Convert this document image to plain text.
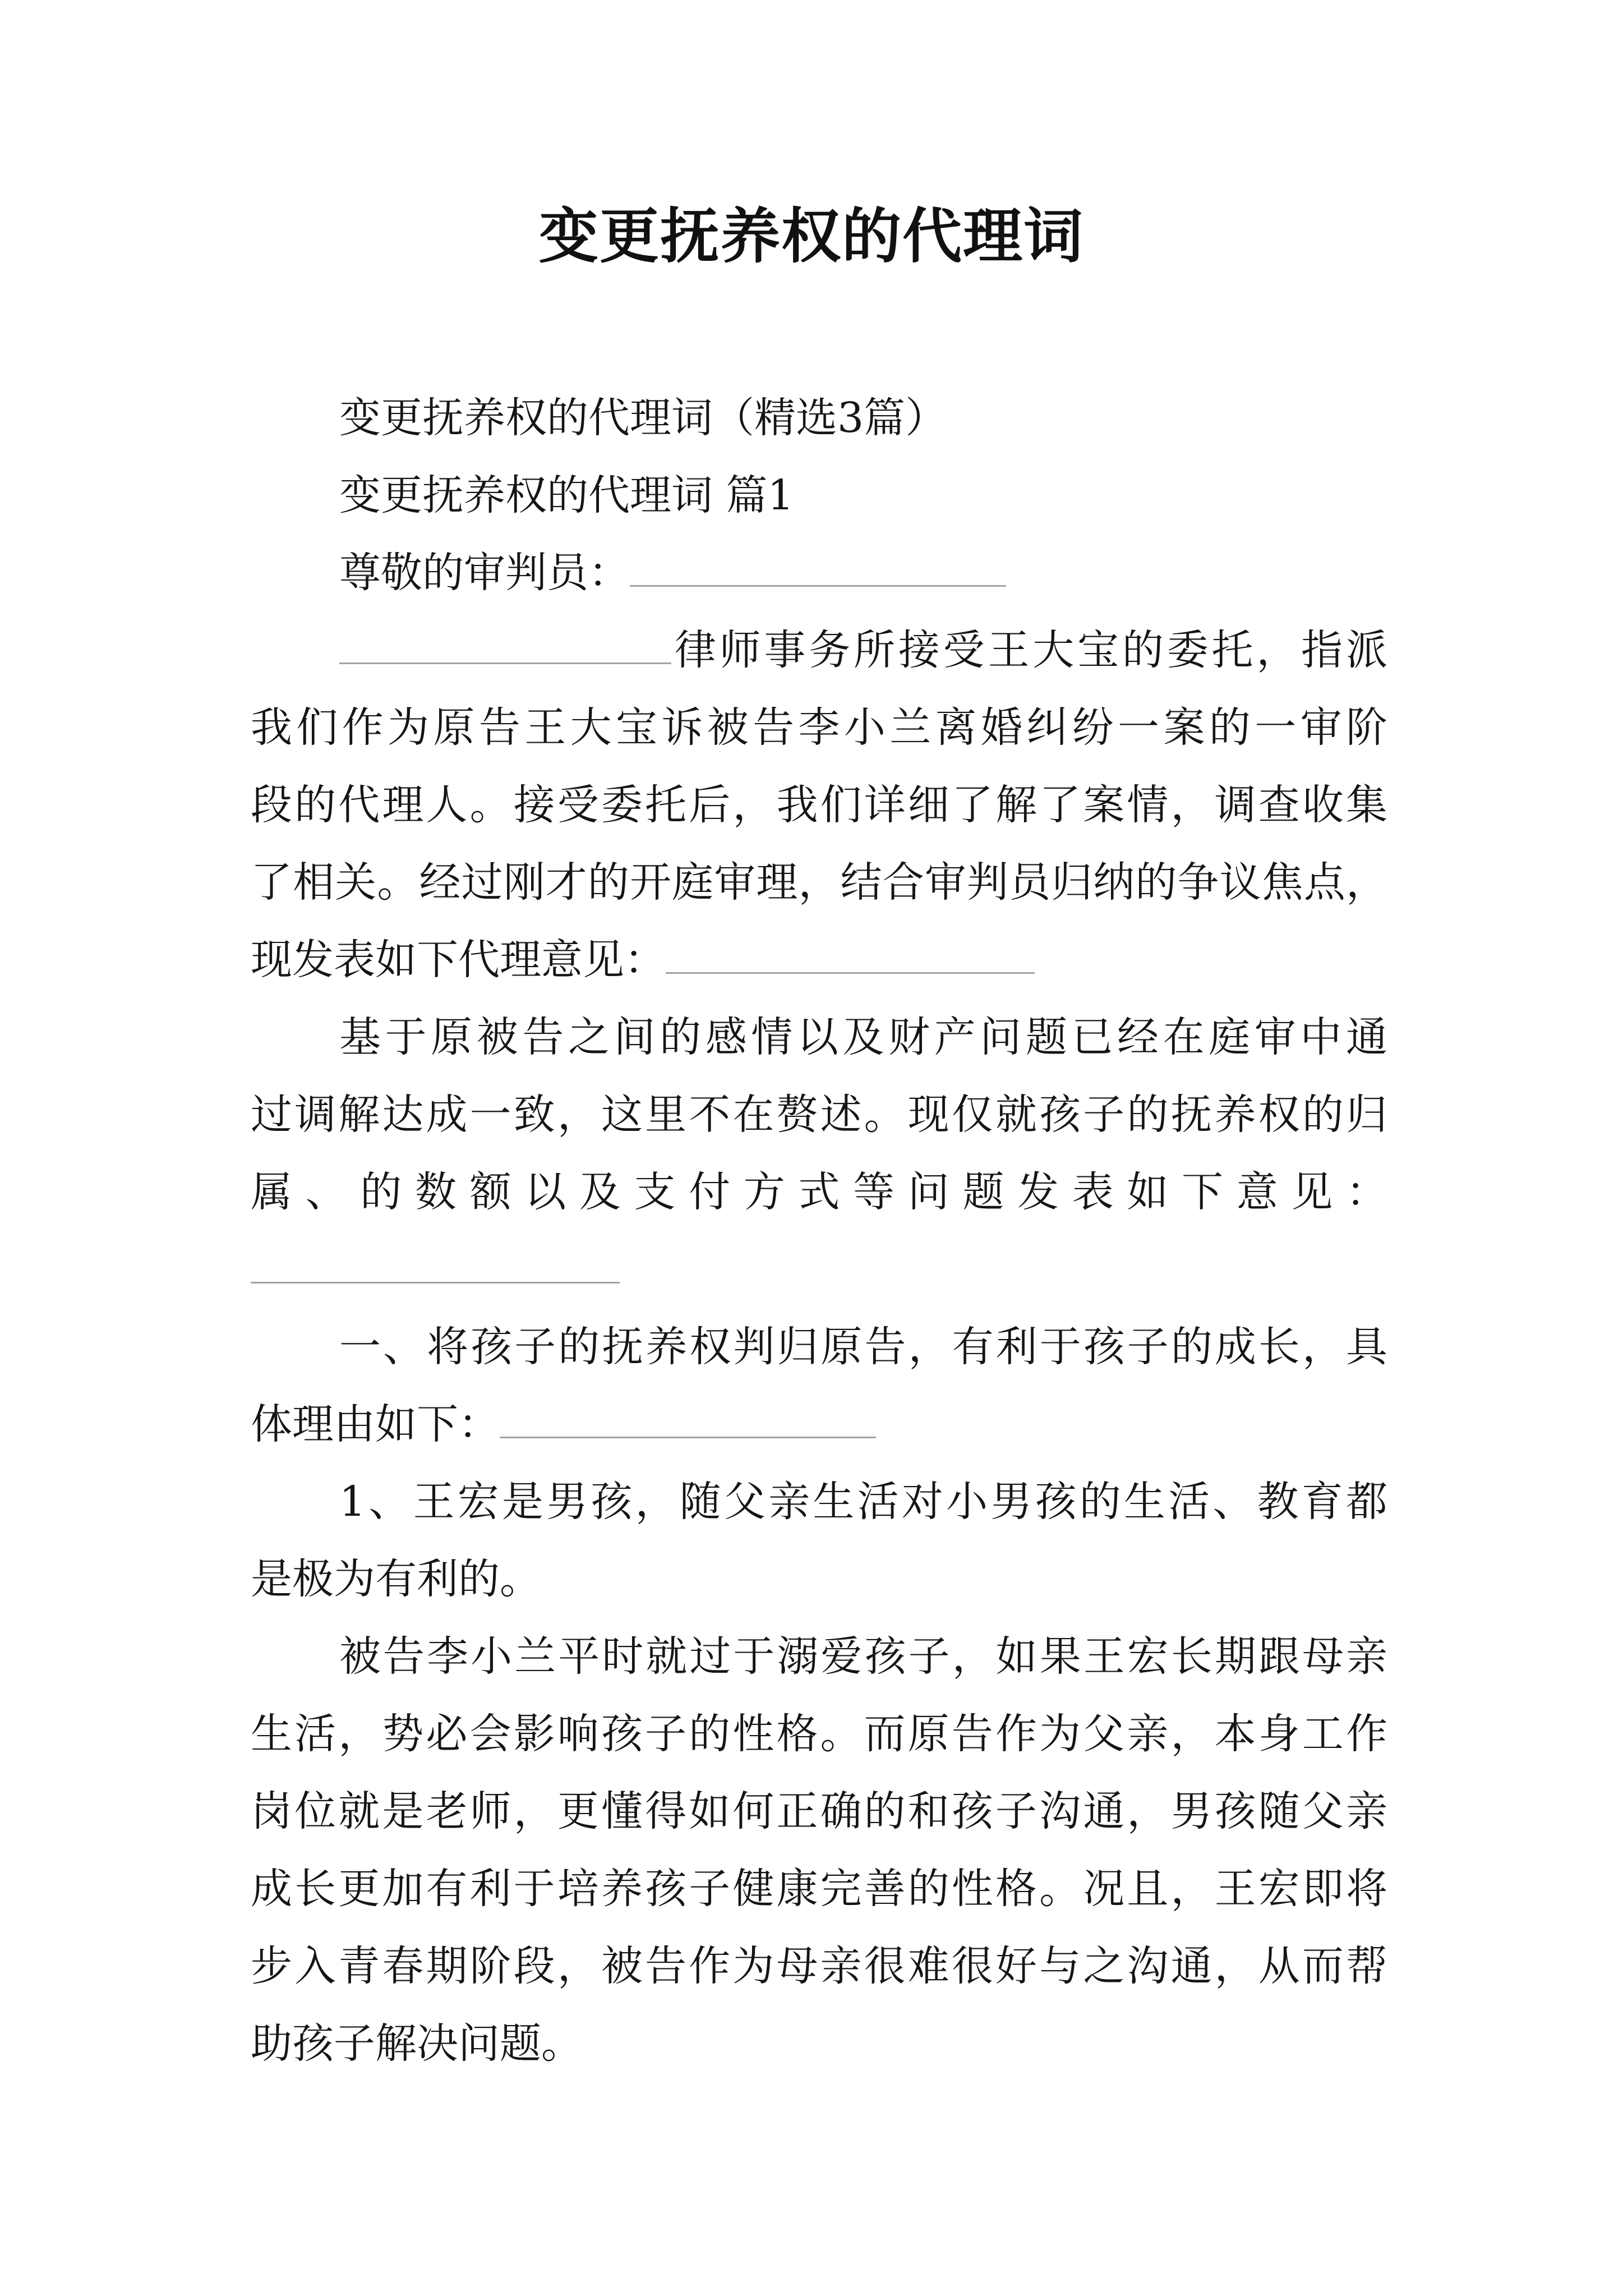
变更抚养权的代理词
变更抚养权的代理词（精选3篇）
变更抚养权的代理词 篇1
尊敬的审判员：
律师事务所接受王大宝的委托，指派
我们作为原告王大宝诉被告李小兰离婚纠纷一案的一审阶
段的代理人。接受委托后，我们详细了解了案情，调查收集
了相关。经过刚才的开庭审理，结合审判员归纳的争议焦点，
现发表如下代理意见：
基于原被告之间的感情以及财产问题已经在庭审中通
过调解达成一致，这里不在赘述。现仅就孩子的抚养权的归
属、的数额以及支付方式等问题发表如下意见：
一、将孩子的抚养权判归原告，有利于孩子的成长，具
体理由如下：
1、王宏是男孩，随父亲生活对小男孩的生活、教育都
是极为有利的。
被告李小兰平时就过于溺爱孩子，如果王宏长期跟母亲
生活，势必会影响孩子的性格。而原告作为父亲，本身工作
岗位就是老师，更懂得如何正确的和孩子沟通，男孩随父亲
成长更加有利于培养孩子健康完善的性格。况且，王宏即将
步入青春期阶段，被告作为母亲很难很好与之沟通，从而帮
助孩子解决问题。
